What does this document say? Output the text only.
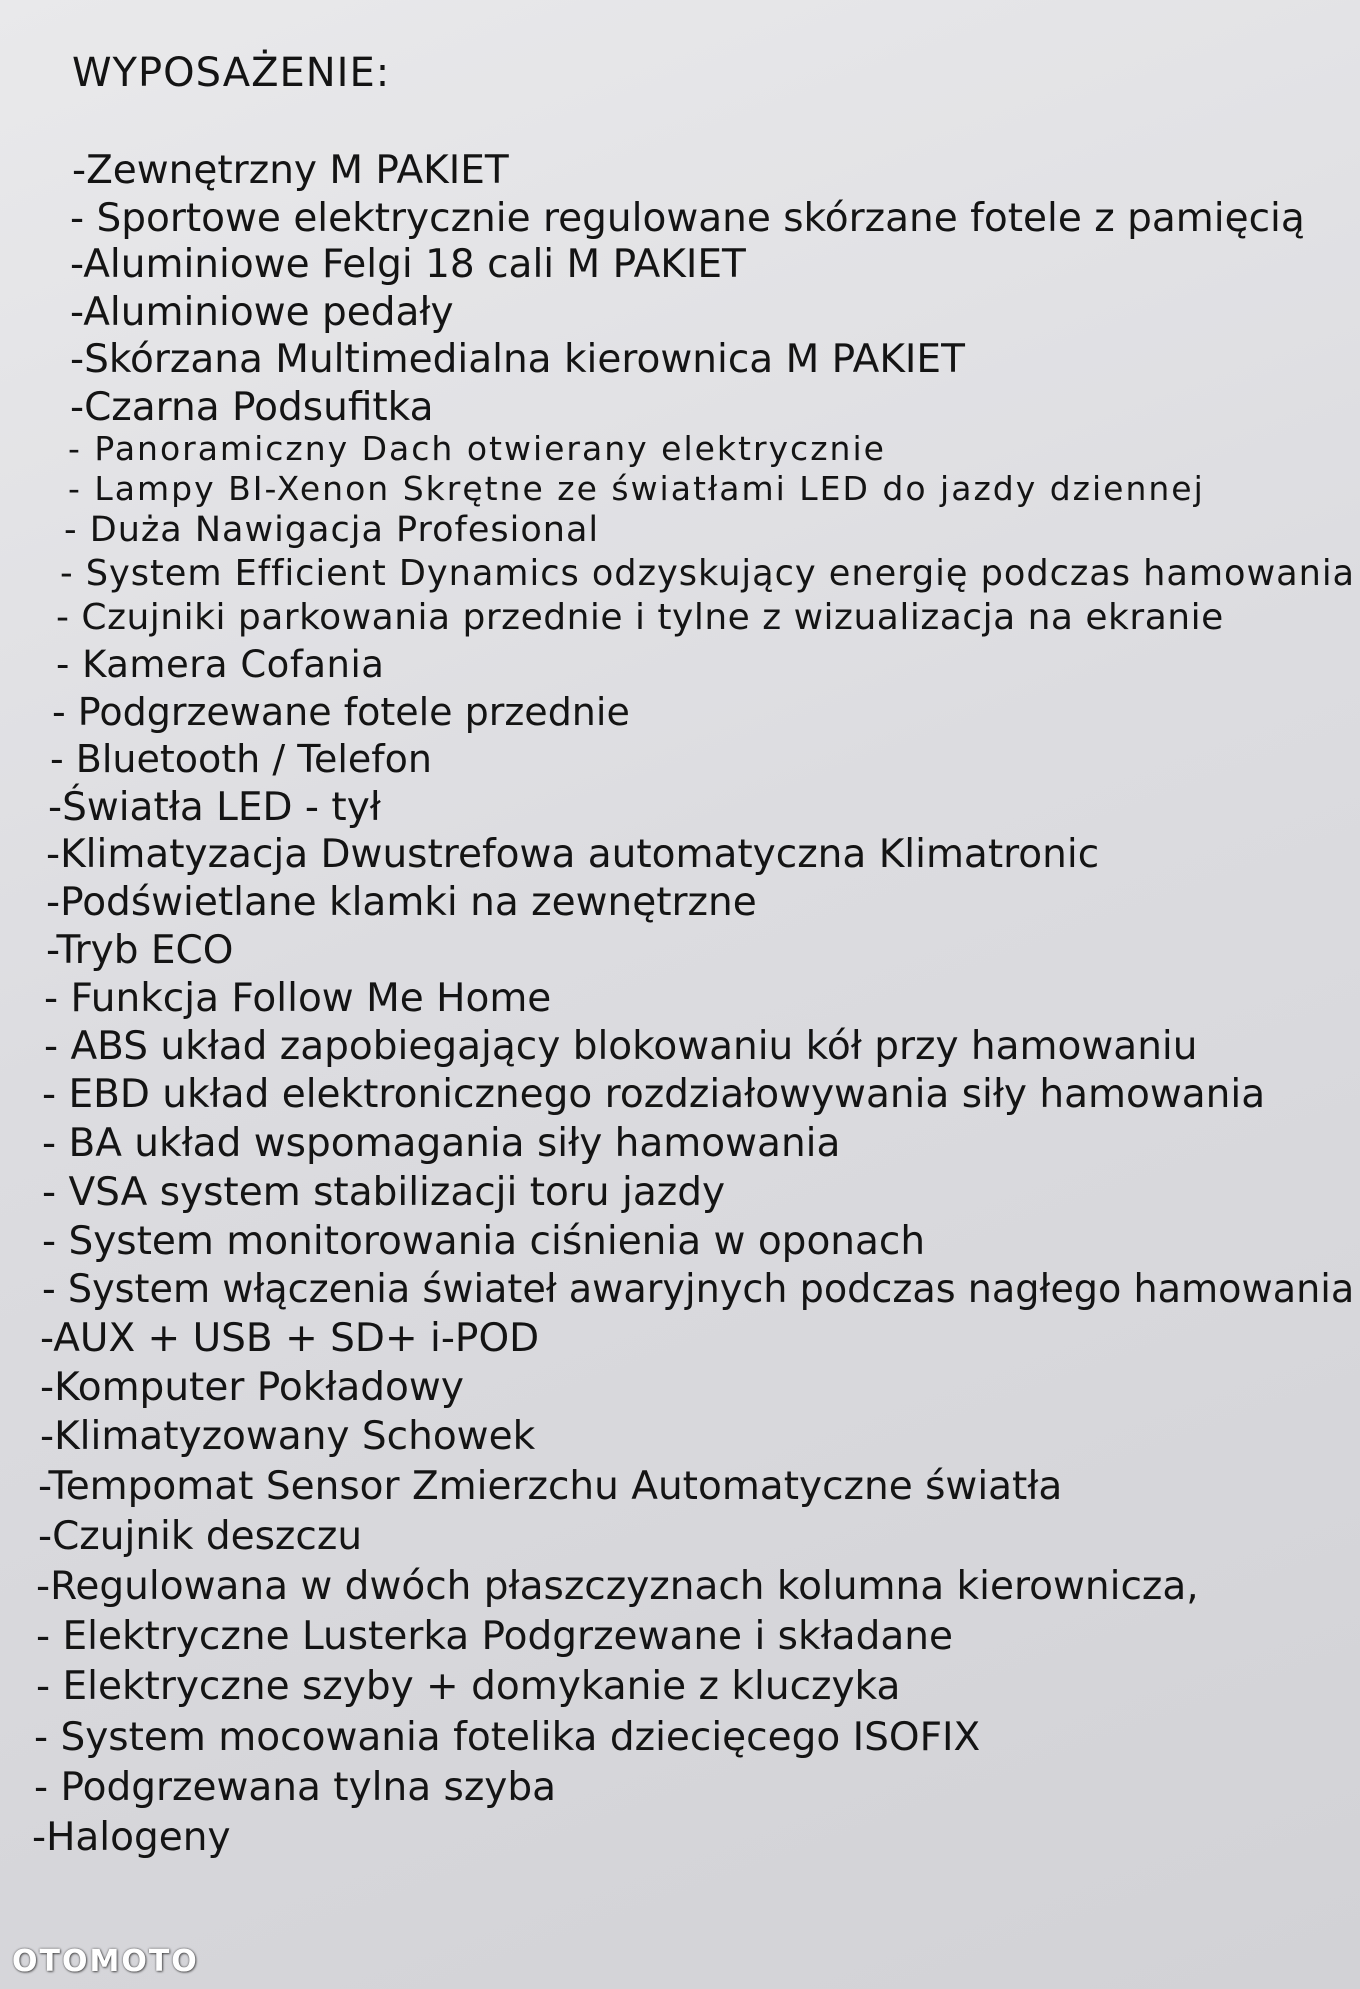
WYPOSAŻENIE:
-Zewnętrzny M PAKIET
- Sportowe elektrycznie regulowane skórzane fotele z pamięcią
-Aluminiowe Felgi 18 cali M PAKIET
-Aluminiowe pedały
-Skórzana Multimedialna kierownica M PAKIET
-Czarna Podsufitka
- Panoramiczny Dach otwierany elektrycznie
- Lampy BI-Xenon Skrętne ze światłami LED do jazdy dziennej
- Duża Nawigacja Profesional
- System Efficient Dynamics odzyskujący energię podczas hamowania
- Czujniki parkowania przednie i tylne z wizualizacja na ekranie
- Kamera Cofania
- Podgrzewane fotele przednie
- Bluetooth / Telefon
-Światła LED - tył
-Klimatyzacja Dwustrefowa automatyczna Klimatronic
-Podświetlane klamki na zewnętrzne
-Tryb ECO
- Funkcja Follow Me Home
- ABS układ zapobiegający blokowaniu kół przy hamowaniu
- EBD układ elektronicznego rozdziałowywania siły hamowania
- BA układ wspomagania siły hamowania
- VSA system stabilizacji toru jazdy
- System monitorowania ciśnienia w oponach
- System włączenia świateł awaryjnych podczas nagłego hamowania
-AUX + USB + SD+ i-POD
-Komputer Pokładowy
-Klimatyzowany Schowek
-Tempomat Sensor Zmierzchu Automatyczne światła
-Czujnik deszczu
-Regulowana w dwóch płaszczyznach kolumna kierownicza,
- Elektryczne Lusterka Podgrzewane i składane
- Elektryczne szyby + domykanie z kluczyka
- System mocowania fotelika dziecięcego ISOFIX
- Podgrzewana tylna szyba
-Halogeny
OTOMOTO
